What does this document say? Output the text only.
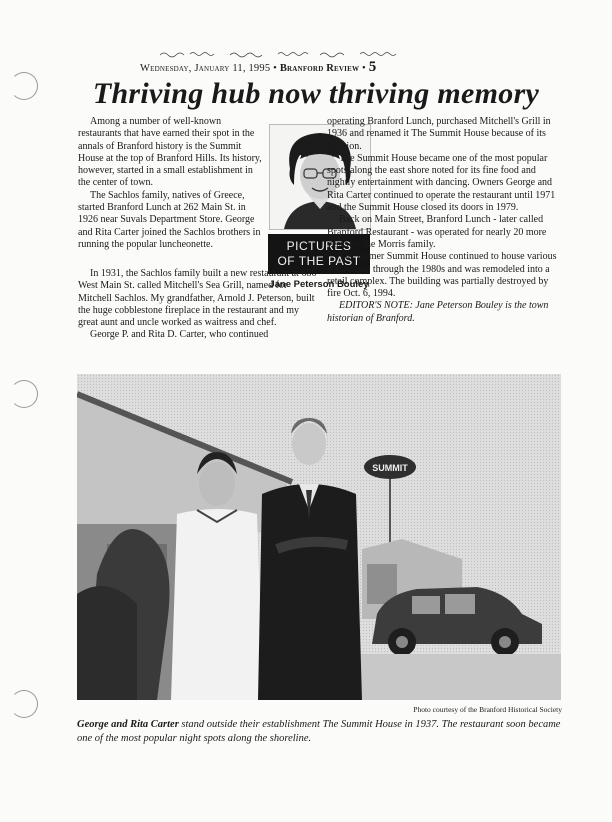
Wednesday, January 11, 1995 • Branford Review • 5
Thriving hub now thriving memory

Among a number of well-known restaurants that have earned their spot in the annals of Branford history is the Summit House at the top of Branford Hills. Its history, however, started in a small establishment in the center of town.

The Sachlos family, natives of Greece, started Branford Lunch at 262 Main St. in 1926 near Suvals Department Store. George and Rita Carter joined the Sachlos brothers in running the popular luncheonette.	PICTURES
OF THE PAST
Jane Peterson Bouley

In 1931, the Sachlos family built a new restaurant at 686 West Main St. called Mitchell's Sea Grill, named for Mitchell Sachlos. My grandfather, Arnold J. Peterson, built the huge cobblestone fireplace in the restaurant and my great aunt and uncle worked as waitress and chef.

George P. and Rita D. Carter, who continued

operating Branford Lunch, purchased Mitchell's Grill in 1936 and renamed it The Summit House because of its location.

The Summit House became one of the most popular spots along the east shore noted for its fine food and nightly entertainment with dancing. Owners George and Rita Carter continued to operate the restaurant until 1971 and the Summit House closed its doors in 1979.

Back on Main Street, Branford Lunch - later called Branford Restaurant - was operated for nearly 20 more years by the Morris family.

The former Summit House continued to house various restaurants through the 1980s and was remodeled into a retail complex. The building was partially destroyed by fire Oct. 6, 1994.

EDITOR'S NOTE: Jane Peterson Bouley is the town historian of Branford.

SUMMIT
Photo courtesy of the Branford Historical Society
George and Rita Carter stand outside their establishment The Summit House in 1937. The restaurant soon became one of the most popular night spots along the shoreline.
